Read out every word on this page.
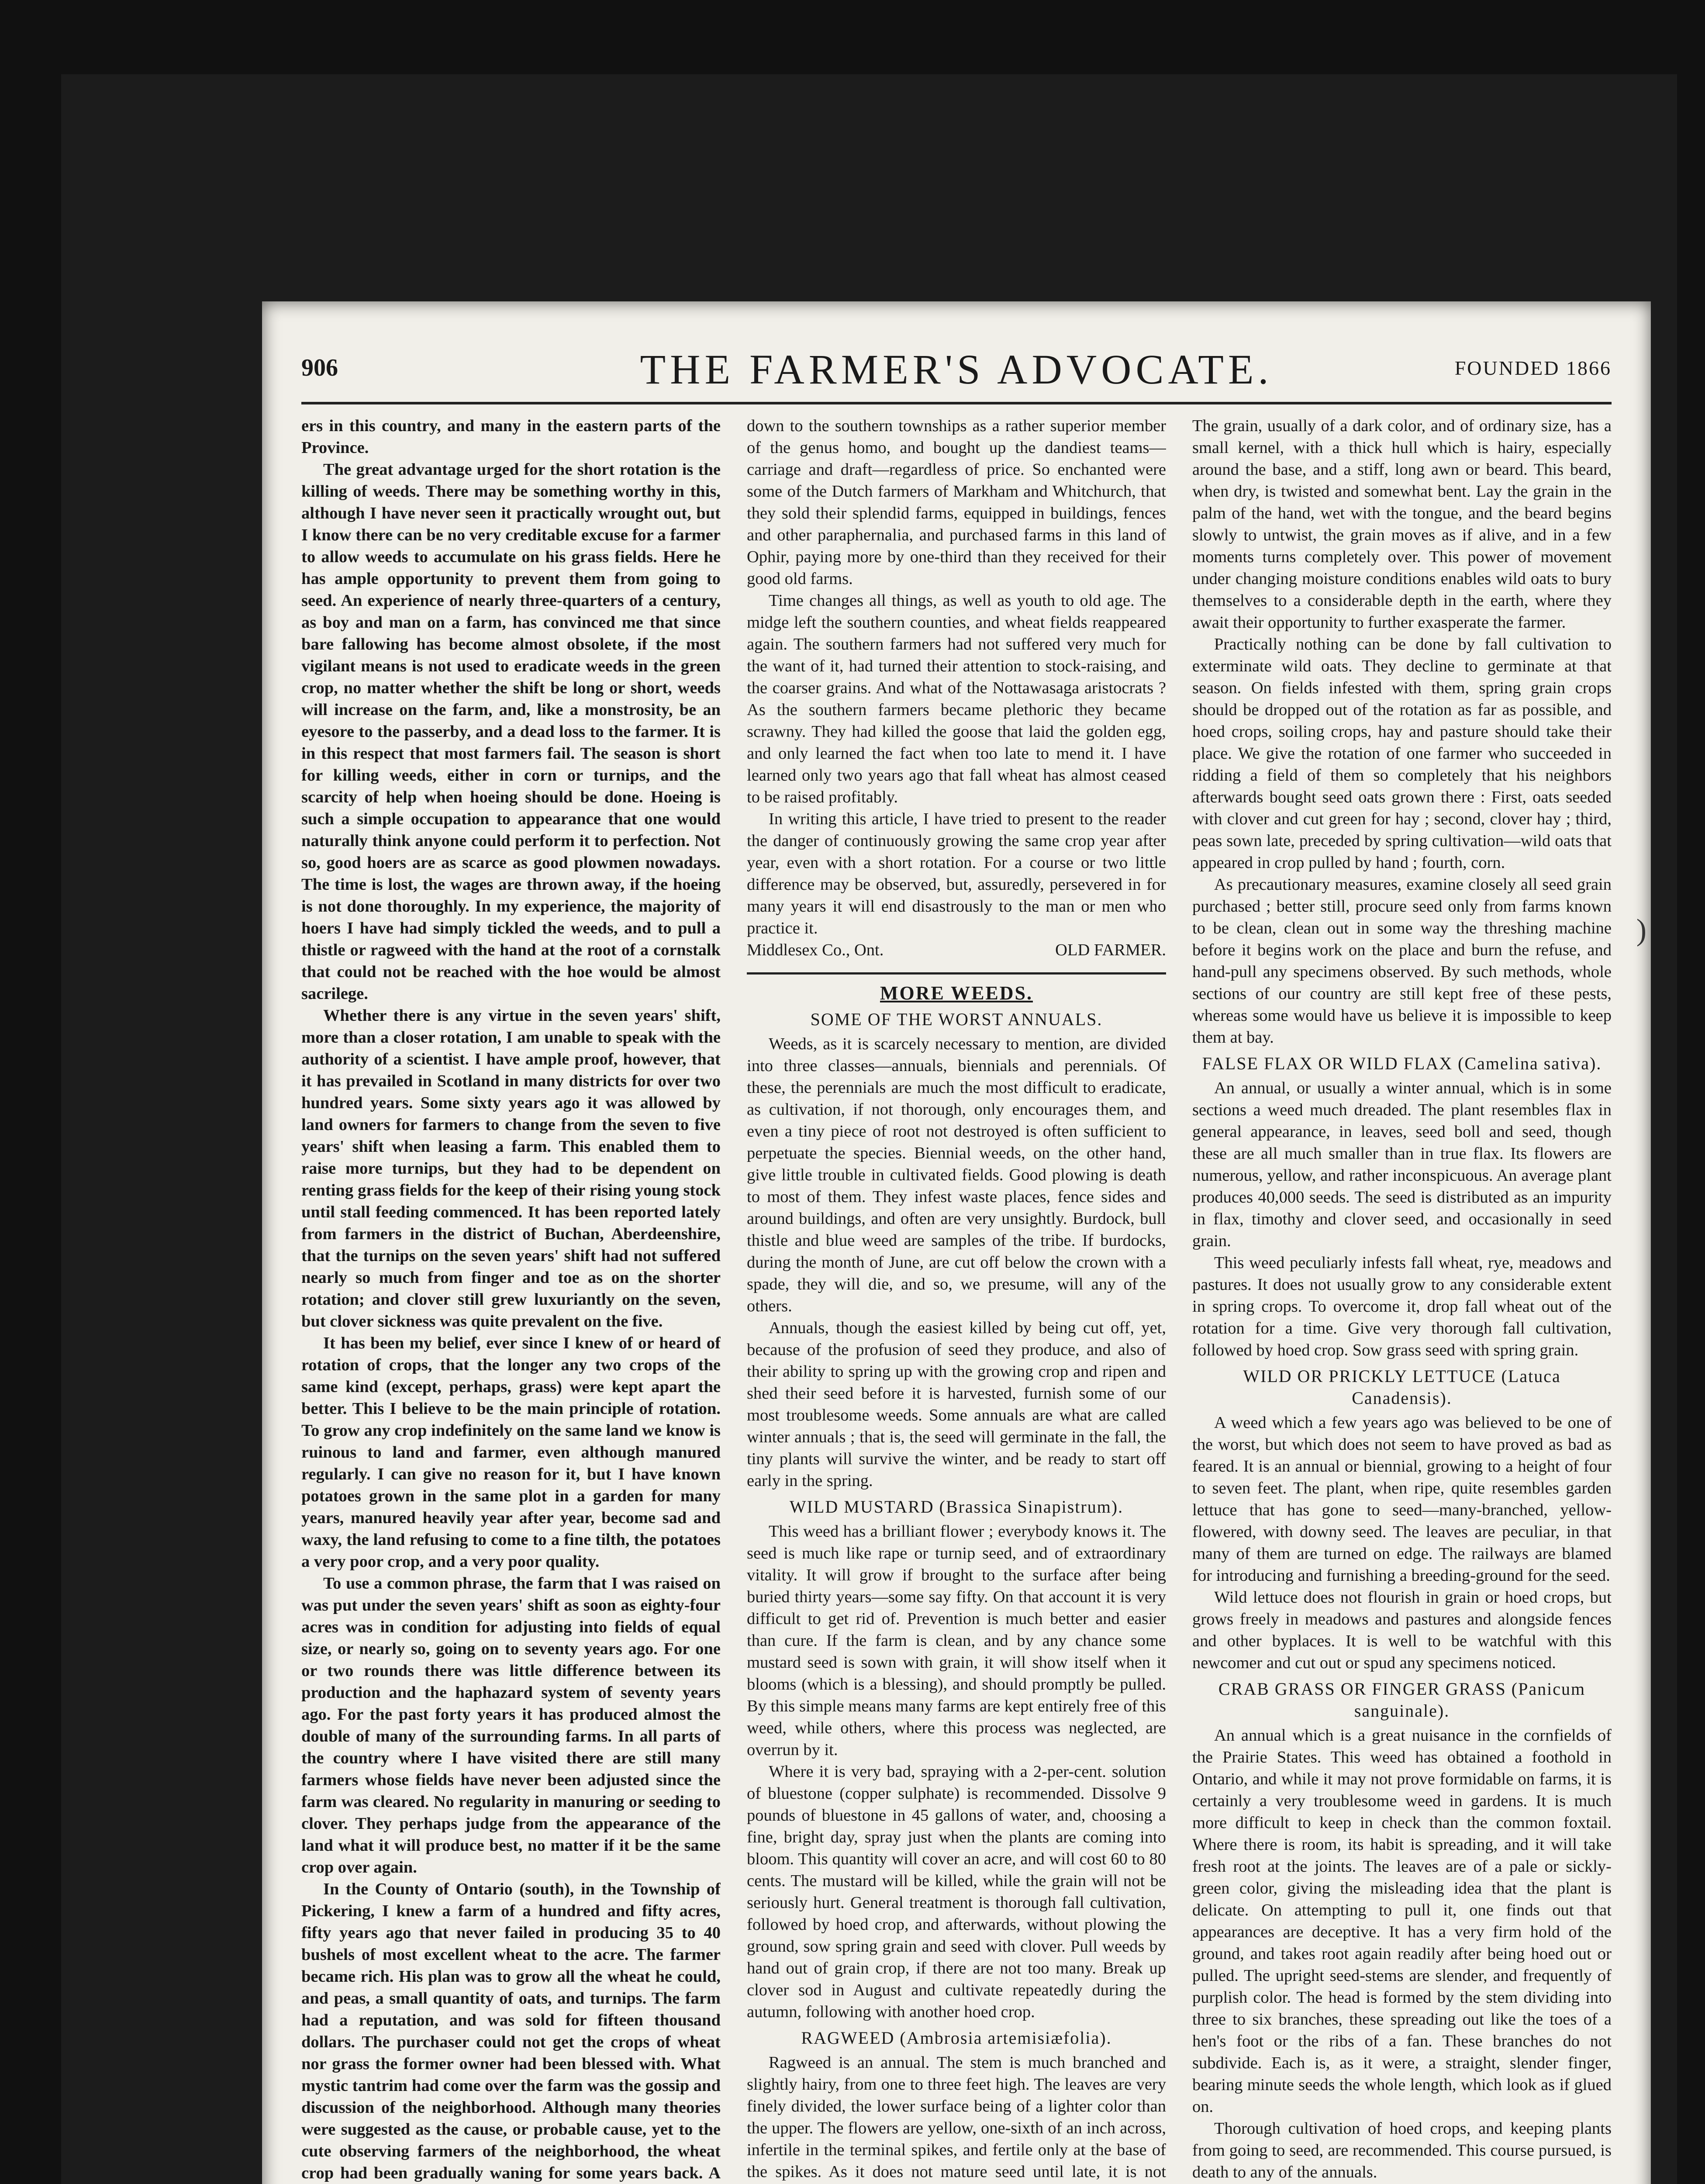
906	THE FARMER'S ADVOCATE.	FOUNDED 1866

ers in this country, and many in the eastern parts of the Province.

The great advantage urged for the short rotation is the killing of weeds. There may be something worthy in this, although I have never seen it practically wrought out, but I know there can be no very creditable excuse for a farmer to allow weeds to accumulate on his grass fields. Here he has ample opportunity to prevent them from going to seed. An experience of nearly three-quarters of a century, as boy and man on a farm, has convinced me that since bare fallowing has become almost obsolete, if the most vigilant means is not used to eradicate weeds in the green crop, no matter whether the shift be long or short, weeds will increase on the farm, and, like a monstrosity, be an eyesore to the passerby, and a dead loss to the farmer. It is in this respect that most farmers fail. The season is short for killing weeds, either in corn or turnips, and the scarcity of help when hoeing should be done. Hoeing is such a simple occupation to appearance that one would naturally think anyone could perform it to perfection. Not so, good hoers are as scarce as good plowmen nowadays. The time is lost, the wages are thrown away, if the hoeing is not done thoroughly. In my experience, the majority of hoers I have had simply tickled the weeds, and to pull a thistle or ragweed with the hand at the root of a cornstalk that could not be reached with the hoe would be almost sacrilege.

Whether there is any virtue in the seven years' shift, more than a closer rotation, I am unable to speak with the authority of a scientist. I have ample proof, however, that it has prevailed in Scotland in many districts for over two hundred years. Some sixty years ago it was allowed by land owners for farmers to change from the seven to five years' shift when leasing a farm. This enabled them to raise more turnips, but they had to be dependent on renting grass fields for the keep of their rising young stock until stall feeding commenced. It has been reported lately from farmers in the district of Buchan, Aberdeenshire, that the turnips on the seven years' shift had not suffered nearly so much from finger and toe as on the shorter rotation; and clover still grew luxuriantly on the seven, but clover sickness was quite prevalent on the five.

It has been my belief, ever since I knew of or heard of rotation of crops, that the longer any two crops of the same kind (except, perhaps, grass) were kept apart the better. This I believe to be the main principle of rotation. To grow any crop indefinitely on the same land we know is ruinous to land and farmer, even although manured regularly. I can give no reason for it, but I have known potatoes grown in the same plot in a garden for many years, manured heavily year after year, become sad and waxy, the land refusing to come to a fine tilth, the potatoes a very poor crop, and a very poor quality.

To use a common phrase, the farm that I was raised on was put under the seven years' shift as soon as eighty-four acres was in condition for adjusting into fields of equal size, or nearly so, going on to seventy years ago. For one or two rounds there was little difference between its production and the haphazard system of seventy years ago. For the past forty years it has produced almost the double of many of the surrounding farms. In all parts of the country where I have visited there are still many farmers whose fields have never been adjusted since the farm was cleared. No regularity in manuring or seeding to clover. They perhaps judge from the appearance of the land what it will produce best, no matter if it be the same crop over again.

In the County of Ontario (south), in the Township of Pickering, I knew a farm of a hundred and fifty acres, fifty years ago that never failed in producing 35 to 40 bushels of most excellent wheat to the acre. The farmer became rich. His plan was to grow all the wheat he could, and peas, a small quantity of oats, and turnips. The farm had a reputation, and was sold for fifteen thousand dollars. The purchaser could not get the crops of wheat nor grass the former owner had been blessed with. What mystic tantrim had come over the farm was the gossip and discussion of the neighborhood. Although many theories were suggested as the cause, or probable cause, yet to the cute observing farmers of the neighborhood, the wheat crop had been gradually waning for some years back. A

down to the southern townships as a rather superior member of the genus homo, and bought up the dandiest teams—carriage and draft—regardless of price. So enchanted were some of the Dutch farmers of Markham and Whitchurch, that they sold their splendid farms, equipped in buildings, fences and other paraphernalia, and purchased farms in this land of Ophir, paying more by one-third than they received for their good old farms.

Time changes all things, as well as youth to old age. The midge left the southern counties, and wheat fields reappeared again. The southern farmers had not suffered very much for the want of it, had turned their attention to stock-raising, and the coarser grains. And what of the Nottawasaga aristocrats ? As the southern farmers became plethoric they became scrawny. They had killed the goose that laid the golden egg, and only learned the fact when too late to mend it. I have learned only two years ago that fall wheat has almost ceased to be raised profitably.

In writing this article, I have tried to present to the reader the danger of continuously growing the same crop year after year, even with a short rotation. For a course or two little difference may be observed, but, assuredly, persevered in for many years it will end disastrously to the man or men who practice it.

Middlesex Co., Ont.	OLD FARMER.
MORE WEEDS.
SOME OF THE WORST ANNUALS.

Weeds, as it is scarcely necessary to mention, are divided into three classes—annuals, biennials and perennials. Of these, the perennials are much the most difficult to eradicate, as cultivation, if not thorough, only encourages them, and even a tiny piece of root not destroyed is often sufficient to perpetuate the species. Biennial weeds, on the other hand, give little trouble in cultivated fields. Good plowing is death to most of them. They infest waste places, fence sides and around buildings, and often are very unsightly. Burdock, bull thistle and blue weed are samples of the tribe. If burdocks, during the month of June, are cut off below the crown with a spade, they will die, and so, we presume, will any of the others.

Annuals, though the easiest killed by being cut off, yet, because of the profusion of seed they produce, and also of their ability to spring up with the growing crop and ripen and shed their seed before it is harvested, furnish some of our most troublesome weeds. Some annuals are what are called winter annuals ; that is, the seed will germinate in the fall, the tiny plants will survive the winter, and be ready to start off early in the spring.

WILD MUSTARD (Brassica Sinapistrum).

This weed has a brilliant flower ; everybody knows it. The seed is much like rape or turnip seed, and of extraordinary vitality. It will grow if brought to the surface after being buried thirty years—some say fifty. On that account it is very difficult to get rid of. Prevention is much better and easier than cure. If the farm is clean, and by any chance some mustard seed is sown with grain, it will show itself when it blooms (which is a blessing), and should promptly be pulled. By this simple means many farms are kept entirely free of this weed, while others, where this process was neglected, are overrun by it.

Where it is very bad, spraying with a 2-per-cent. solution of bluestone (copper sulphate) is recommended. Dissolve 9 pounds of bluestone in 45 gallons of water, and, choosing a fine, bright day, spray just when the plants are coming into bloom. This quantity will cover an acre, and will cost 60 to 80 cents. The mustard will be killed, while the grain will not be seriously hurt. General treatment is thorough fall cultivation, followed by hoed crop, and afterwards, without plowing the ground, sow spring grain and seed with clover. Pull weeds by hand out of grain crop, if there are not too many. Break up clover sod in August and cultivate repeatedly during the autumn, following with another hoed crop.

RAGWEED (Ambrosia artemisiæfolia).

Ragweed is an annual. The stem is much branched and slightly hairy, from one to three feet high. The leaves are very finely divided, the lower surface being of a lighter color than the upper. The flowers are yellow, one-sixth of an inch across, infertile in the terminal spikes, and fertile only at the base of the spikes. As it does not mature seed until late, it is not

The grain, usually of a dark color, and of ordinary size, has a small kernel, with a thick hull which is hairy, especially around the base, and a stiff, long awn or beard. This beard, when dry, is twisted and somewhat bent. Lay the grain in the palm of the hand, wet with the tongue, and the beard begins slowly to untwist, the grain moves as if alive, and in a few moments turns completely over. This power of movement under changing moisture conditions enables wild oats to bury themselves to a considerable depth in the earth, where they await their opportunity to further exasperate the farmer.

Practically nothing can be done by fall cultivation to exterminate wild oats. They decline to germinate at that season. On fields infested with them, spring grain crops should be dropped out of the rotation as far as possible, and hoed crops, soiling crops, hay and pasture should take their place. We give the rotation of one farmer who succeeded in ridding a field of them so completely that his neighbors afterwards bought seed oats grown there : First, oats seeded with clover and cut green for hay ; second, clover hay ; third, peas sown late, preceded by spring cultivation—wild oats that appeared in crop pulled by hand ; fourth, corn.

As precautionary measures, examine closely all seed grain purchased ; better still, procure seed only from farms known to be clean, clean out in some way the threshing machine before it begins work on the place and burn the refuse, and hand-pull any specimens observed. By such methods, whole sections of our country are still kept free of these pests, whereas some would have us believe it is impossible to keep them at bay.

FALSE FLAX OR WILD FLAX (Camelina sativa).

An annual, or usually a winter annual, which is in some sections a weed much dreaded. The plant resembles flax in general appearance, in leaves, seed boll and seed, though these are all much smaller than in true flax. Its flowers are numerous, yellow, and rather inconspicuous. An average plant produces 40,000 seeds. The seed is distributed as an impurity in flax, timothy and clover seed, and occasionally in seed grain.

This weed peculiarly infests fall wheat, rye, meadows and pastures. It does not usually grow to any considerable extent in spring crops. To overcome it, drop fall wheat out of the rotation for a time. Give very thorough fall cultivation, followed by hoed crop. Sow grass seed with spring grain.

WILD OR PRICKLY LETTUCE (Latuca Canadensis).

A weed which a few years ago was believed to be one of the worst, but which does not seem to have proved as bad as feared. It is an annual or biennial, growing to a height of four to seven feet. The plant, when ripe, quite resembles garden lettuce that has gone to seed—many-branched, yellow-flowered, with downy seed. The leaves are peculiar, in that many of them are turned on edge. The railways are blamed for introducing and furnishing a breeding-ground for the seed.

Wild lettuce does not flourish in grain or hoed crops, but grows freely in meadows and pastures and alongside fences and other byplaces. It is well to be watchful with this newcomer and cut out or spud any specimens noticed.

CRAB GRASS OR FINGER GRASS (Panicum sanguinale).

An annual which is a great nuisance in the cornfields of the Prairie States. This weed has obtained a foothold in Ontario, and while it may not prove formidable on farms, it is certainly a very troublesome weed in gardens. It is much more difficult to keep in check than the common foxtail. Where there is room, its habit is spreading, and it will take fresh root at the joints. The leaves are of a pale or sickly-green color, giving the misleading idea that the plant is delicate. On attempting to pull it, one finds out that appearances are deceptive. It has a very firm hold of the ground, and takes root again readily after being hoed out or pulled. The upright seed-stems are slender, and frequently of purplish color. The head is formed by the stem dividing into three to six branches, these spreading out like the toes of a hen's foot or the ribs of a fan. These branches do not subdivide. Each is, as it were, a straight, slender finger, bearing minute seeds the whole length, which look as if glued on.

Thorough cultivation of hoed crops, and keeping plants from going to seed, are recommended. This course pursued, is death to any of the annuals.

)
